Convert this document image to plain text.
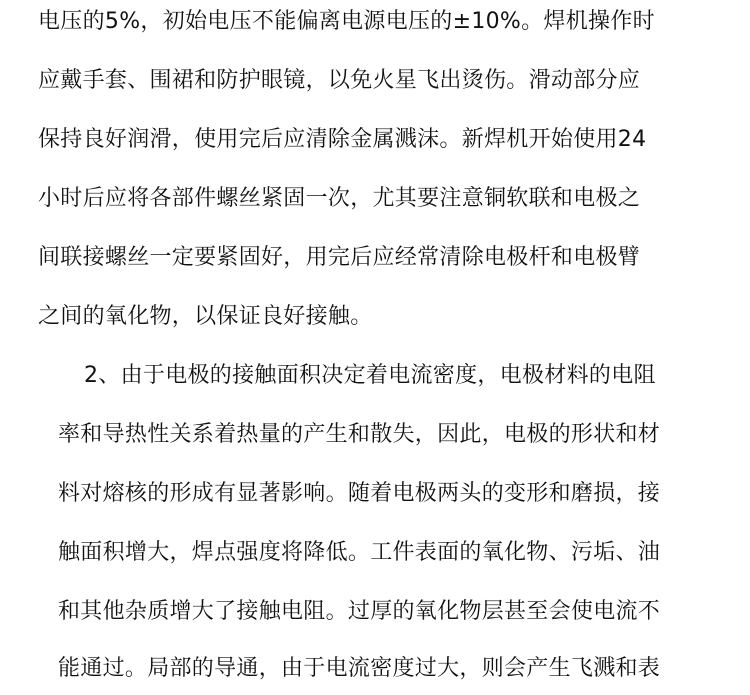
电压的5%，初始电压不能偏离电源电压的±10%。焊机操作时

应戴手套、围裙和防护眼镜，以免火星飞出烫伤。滑动部分应

保持良好润滑，使用完后应清除金属溅沫。新焊机开始使用24

小时后应将各部件螺丝紧固一次，尤其要注意铜软联和电极之

间联接螺丝一定要紧固好，用完后应经常清除电极杆和电极臂

之间的氧化物，以保证良好接触。

2、由于电极的接触面积决定着电流密度，电极材料的电阻

率和导热性关系着热量的产生和散失，因此，电极的形状和材

料对熔核的形成有显著影响。随着电极两头的变形和磨损，接

触面积增大，焊点强度将降低。工件表面的氧化物、污垢、油

和其他杂质增大了接触电阻。过厚的氧化物层甚至会使电流不

能通过。局部的导通，由于电流密度过大，则会产生飞溅和表
